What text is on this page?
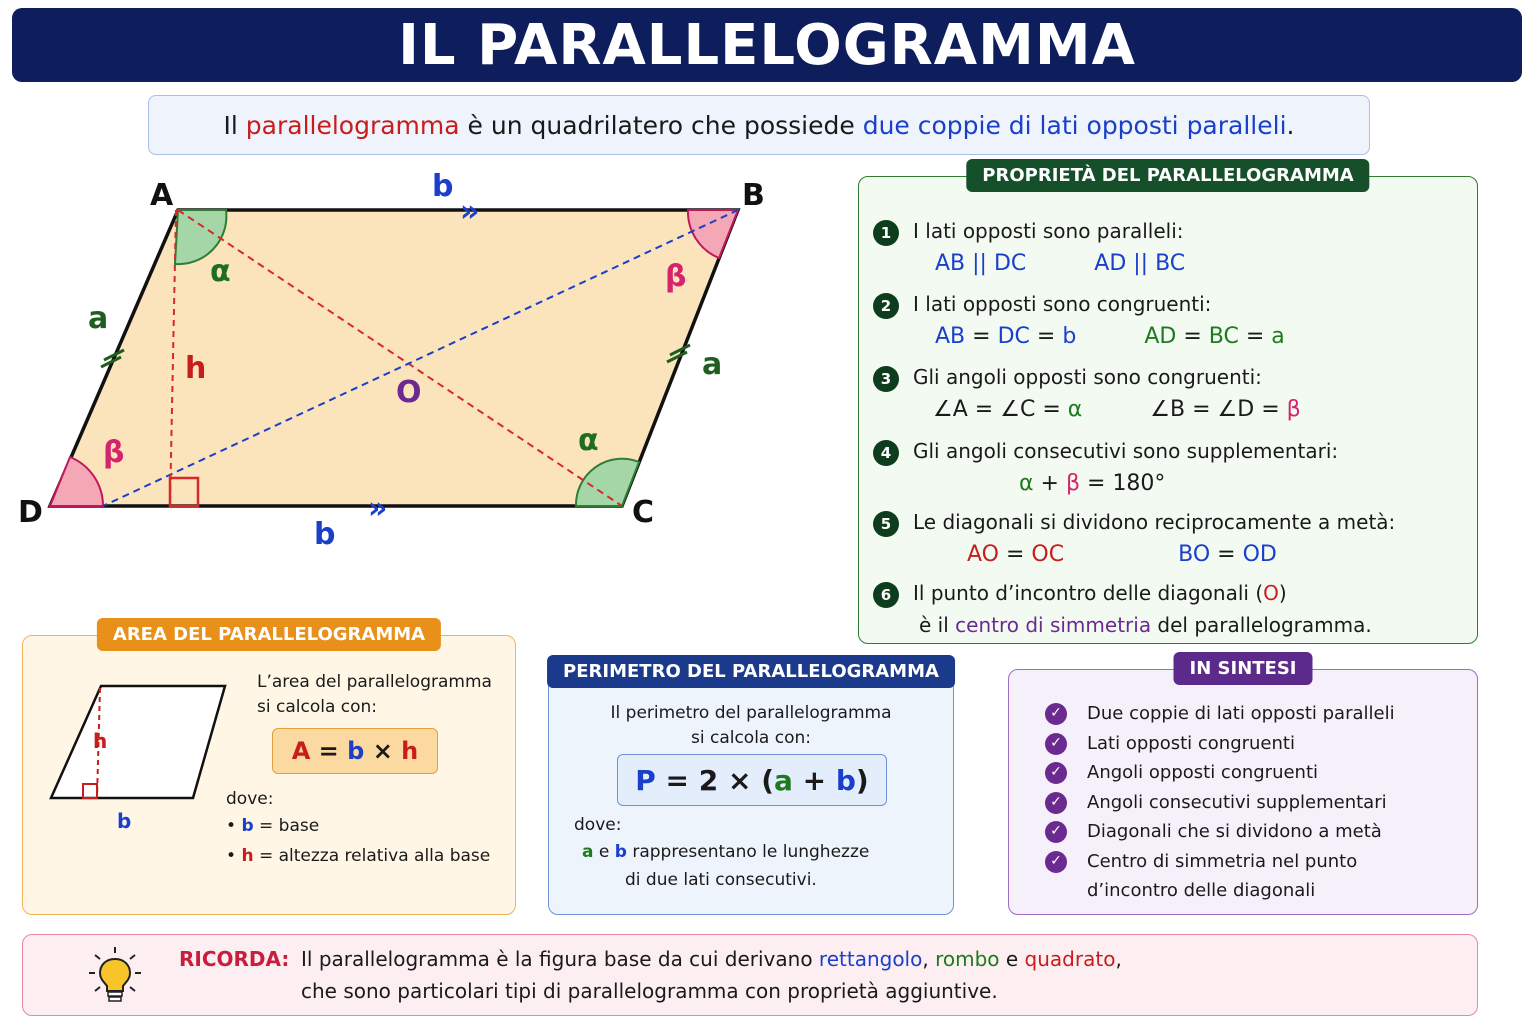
IL PARALLELOGRAMMA
Il parallelogramma è un quadrilatero che possiede due coppie di lati opposti paralleli .
A	B
C
D
O
b
»
b
»
a
a
h
α
α
β
β
PROPRIETÀ DEL PARALLELOGRAMMA
1 I lati opposti sono paralleli:
AB || DC	AD || BC
2 I lati opposti sono congruenti:
AB = DC = b	AD = BC = a
3 Gli angoli opposti sono congruenti:
∠A = ∠C = α	∠B = ∠D = β
4 Gli angoli consecutivi sono supplementari:
α + β = 180°
5 Le diagonali si dividono reciprocamente a metà:
AO = OC	BO = OD
6 Il punto d’incontro delle diagonali (O)
è il centro di simmetria del parallelogramma.
AREA DEL PARALLELOGRAMMA
h
b
L’area del parallelogramma
si calcola con:
A
=
b
×
h
dove:
• b = base
• h = altezza relativa alla base
PERIMETRO DEL PARALLELOGRAMMA
Il perimetro del parallelogramma
si calcola con:
P
= 2 × ( a
+
b )
dove:
a e b rappresentano le lunghezze
di due lati consecutivi.
IN SINTESI
✓ Due coppie di lati opposti paralleli
✓ Lati opposti congruenti
✓ Angoli opposti congruenti
✓ Angoli consecutivi supplementari
✓ Diagonali che si dividono a metà
✓ Centro di simmetria nel punto
d’incontro delle diagonali
RICORDA: Il parallelogramma è la figura base da cui derivano rettangolo, rombo e quadrato,
che sono particolari tipi di parallelogramma con proprietà aggiuntive.
